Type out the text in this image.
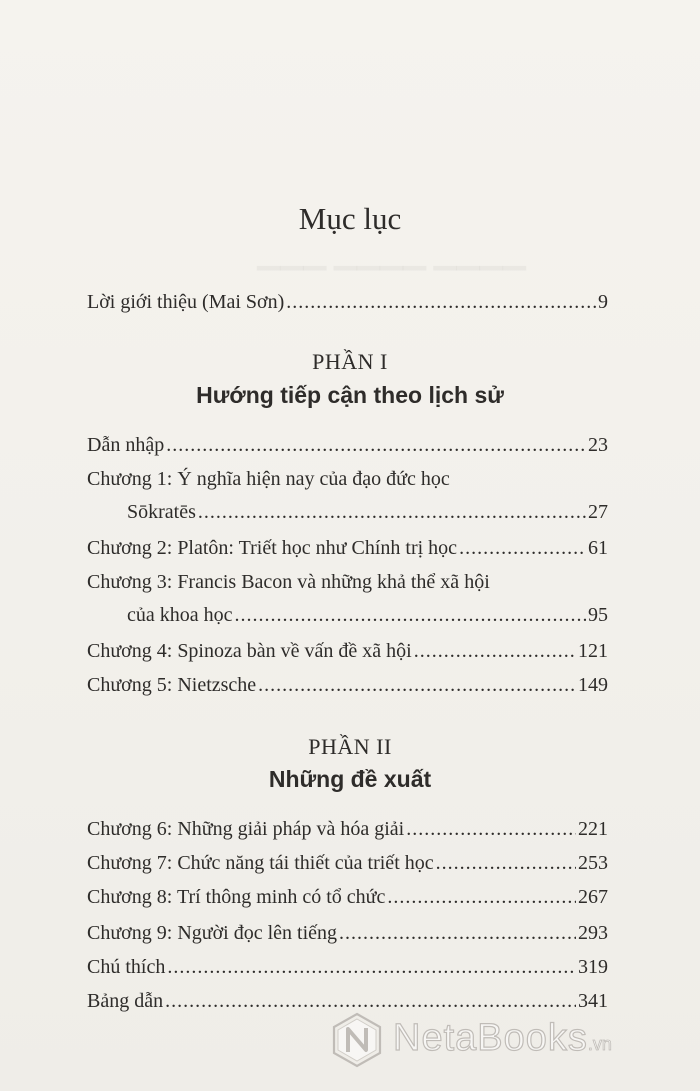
▁▁▁ ▁▁▁▁ ▁▁▁▁
Mục lục
Lời giới thiệu (Mai Sơn) .....	9
PHẦN I
Hướng tiếp cận theo lịch sử
Dẫn nhập .....	23
Chương 1: Ý nghĩa hiện nay của đạo đức học
Sōkratēs .....	27
Chương 2: Platôn: Triết học như Chính trị học .....	61
Chương 3: Francis Bacon và những khả thể xã hội
của khoa học .....	95
Chương 4: Spinoza bàn về vấn đề xã hội .....	121
Chương 5: Nietzsche .....	149
PHẦN II
Những đề xuất
Chương 6: Những giải pháp và hóa giải .....	221
Chương 7: Chức năng tái thiết của triết học .....	253
Chương 8: Trí thông minh có tổ chức .....	267
Chương 9: Người đọc lên tiếng .....	293
Chú thích .....	319
Bảng dẫn .....	341
NetaBooks.vn
